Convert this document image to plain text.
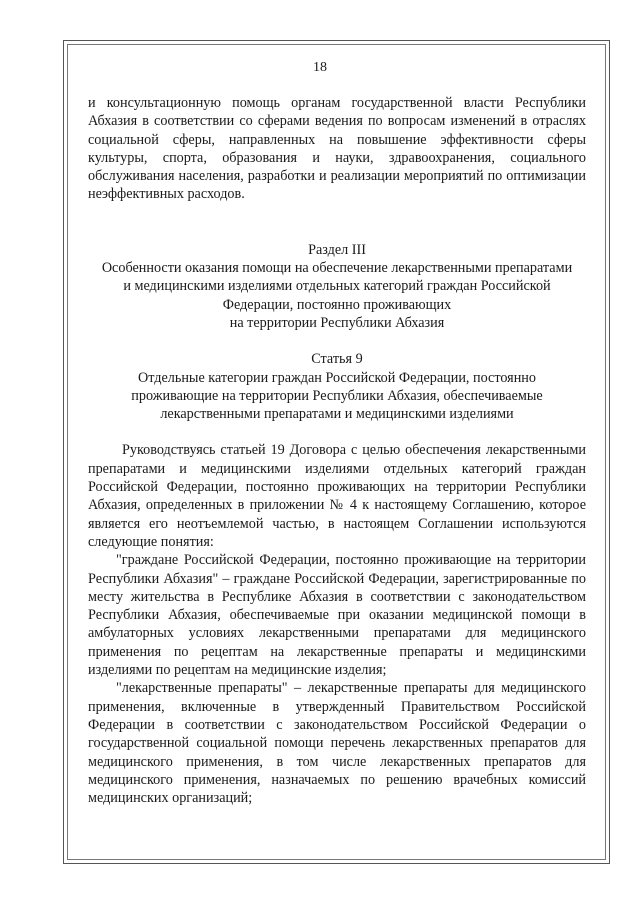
18

и консультационную помощь органам государственной власти Республики Абхазия в соответствии со сферами ведения по вопросам изменений в отраслях социальной сферы, направленных на повышение эффективности сферы культуры, спорта, образования и науки, здравоохранения, социального обслуживания населения, разработки и реализации мероприятий по оптимизации неэффективных расходов.

Раздел III

Особенности оказания помощи на обеспечение лекарственными препаратами

и медицинскими изделиями отдельных категорий граждан Российской

Федерации, постоянно проживающих

на территории Республики Абхазия

Статья 9

Отдельные категории граждан Российской Федерации, постоянно

проживающие на территории Республики Абхазия, обеспечиваемые

лекарственными препаратами и медицинскими изделиями

Руководствуясь статьей 19 Договора с целью обеспечения лекарственными препаратами и медицинскими изделиями отдельных категорий граждан Российской Федерации, постоянно проживающих на территории Республики Абхазия, определенных в приложении № 4 к настоящему Соглашению, которое является его неотъемлемой частью, в настоящем Соглашении используются следующие понятия:

"граждане Российской Федерации, постоянно проживающие на территории Республики Абхазия" – граждане Российской Федерации, зарегистрированные по месту жительства в Республике Абхазия в соответствии с законодательством Республики Абхазия, обеспечиваемые при оказании медицинской помощи в амбулаторных условиях лекарственными препаратами для медицинского применения по рецептам на лекарственные препараты и медицинскими изделиями по рецептам на медицинские изделия;

"лекарственные препараты" – лекарственные препараты для медицинского применения, включенные в утвержденный Правительством Российской Федерации в соответствии с законодательством Российской Федерации о государственной социальной помощи перечень лекарственных препаратов для медицинского применения, в том числе лекарственных препаратов для медицинского применения, назначаемых по решению врачебных комиссий медицинских организаций;
